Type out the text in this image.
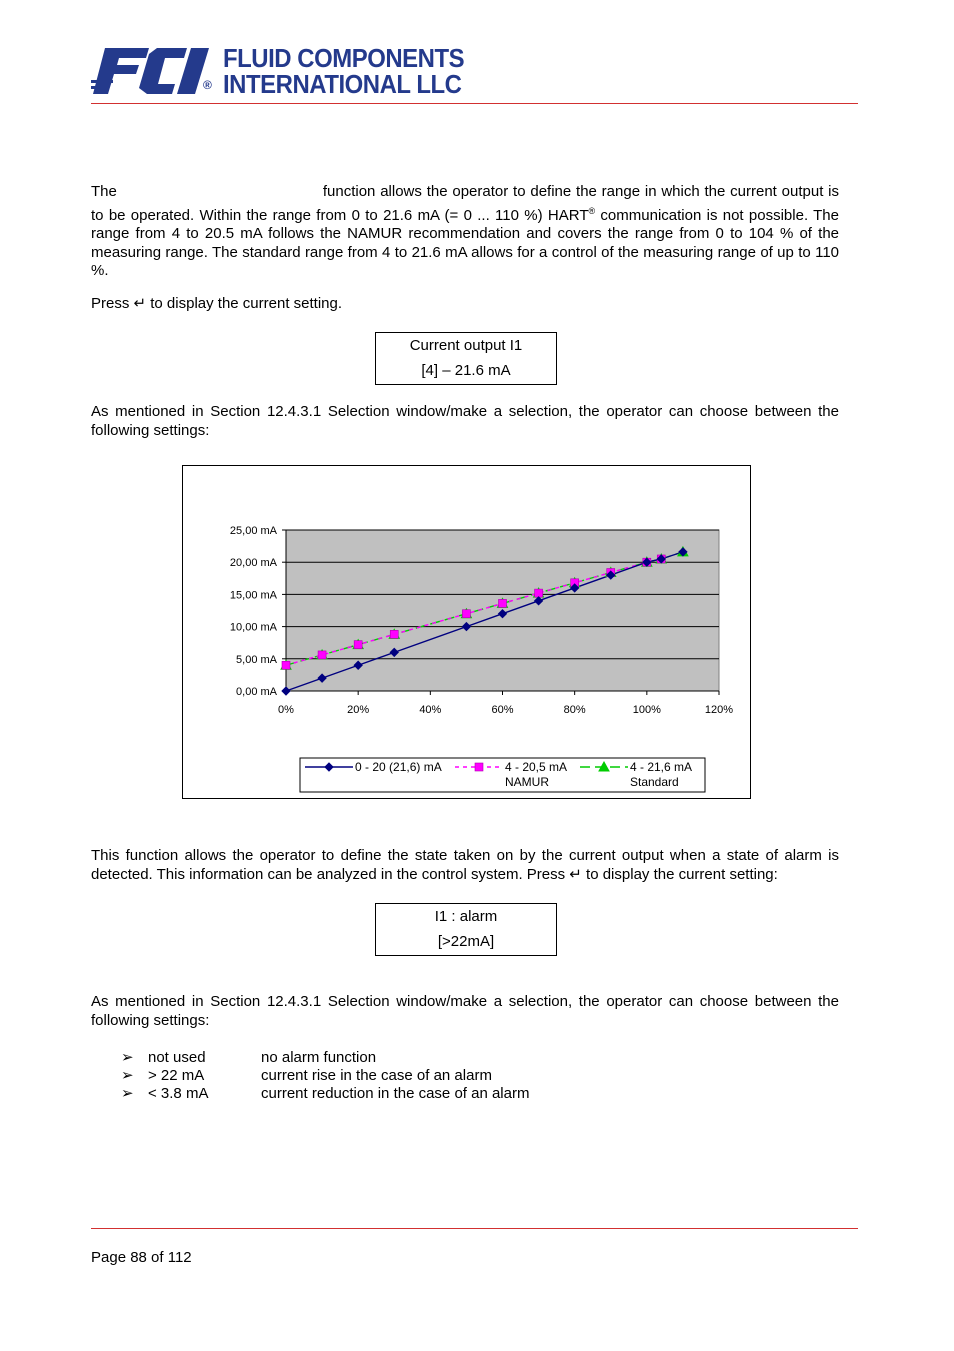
®
FLUID COMPONENTS
INTERNATIONAL LLC
The	function allows the operator to define the range in which the current output is to be operated. Within the range from 0 to 21.6 mA (= 0 ... 110 %) HART® communication is not possible. The range from 4 to 20.5 mA follows the NAMUR recommendation and covers the range from 0 to 104 % of the measuring range. The standard range from 4 to 21.6 mA allows for a control of the measuring range of up to 110 %.
Press ↵ to display the current setting.
Current output I1
[4] – 21.6 mA
As mentioned in Section 12.4.3.1 Selection window/make a selection, the operator can choose between the following settings:
0,00 mA
5,00 mA
10,00 mA
15,00 mA
20,00 mA
25,00 mA
0%	20%	40%	60%	80%	100%	120%
0 - 20 (21,6) mA	4 - 20,5 mA
NAMUR
4 - 21,6 mA
Standard
This function allows the operator to define the state taken on by the current output when a state of alarm is detected. This information can be analyzed in the control system. Press ↵ to display the current setting:
I1 : alarm
[>22mA]
As mentioned in Section 12.4.3.1 Selection window/make a selection, the operator can choose between the following settings:
➢ not used	no alarm function
➢ > 22 mA	current rise in the case of an alarm
➢ < 3.8 mA	current reduction in the case of an alarm
Page 88 of 112
